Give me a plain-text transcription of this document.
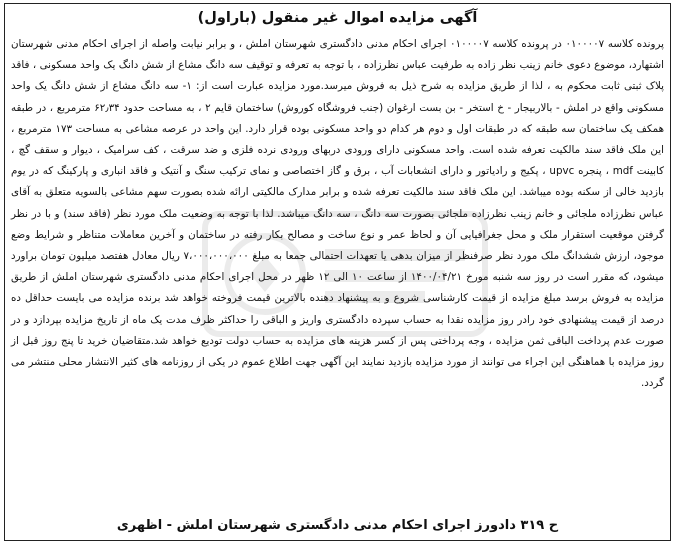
آگهی مزایده اموال غیر منقول (باراول)
پرونده کلاسه ۰۱۰۰۰۰۷ در پرونده کلاسه ۰۱۰۰۰۰۷ اجرای احکام مدنی دادگستری شهرستان املش ، و برابر نیابت واصله از اجرای احکام مدنی شهرستان اشتهارد، موضوع دعوی خانم زینب نظر زاده به طرفیت عباس نظرزاده ، با توجه به تعرفه و توقیف سه دانگ مشاع از شش دانگ یک واحد مسکونی ، فاقد پلاک ثبتی ثابت محکوم به ، لذا از طریق مزایده به شرح ذیل به فروش میرسد.مورد مزایده عبارت است از: ۱- سه دانگ مشاع از شش دانگ یک واحد مسکونی واقع در املش - بالاربیجار - خ استخر - بن بست ارغوان (جنب فروشگاه کوروش) ساختمان قایم ۲ ، به مساحت حدود ۶۲٫۳۴ مترمربع ، در طبقه همکف یک ساختمان سه طبقه که در طبقات اول و دوم هر کدام دو واحد مسکونی بوده قرار دارد. این واحد در عرصه مشاعی به مساحت ۱۷۳ مترمربع ، این ملک فاقد سند مالکیت تعرفه شده است. واحد مسکونی دارای ورودی دربهای ورودی نرده فلزی و ضد سرقت ، کف سرامیک ، دیوار و سقف گچ ، کابینت mdf ، پنجره upvc ، پکیج و رادیاتور و دارای انشعابات آب ، برق و گاز اختصاصی و نمای ترکیب سنگ و آنتیک و فاقد انباری و پارکینگ که در یوم بازدید خالی از سکنه بوده میباشد. این ملک فاقد سند مالکیت تعرفه شده و برابر مدارک مالکیتی ارائه شده بصورت سهم مشاعی بالسویه متعلق به آقای عباس نظرزاده ملجائی و خانم زینب نظرزاده ملجائی بصورت سه دانگ ، سه دانگ میباشد. لذا با توجه به وضعیت ملک مورد نظر (فاقد سند) و با در نظر گرفتن موقعیت استقرار ملک و محل جغرافیایی آن و لحاظ عمر و نوع ساخت و مصالح بکار رفته در ساختمان و آخرین معاملات متناظر و شرایط وضع موجود، ارزش ششدانگ ملک مورد نظر صرفنظر از میزان بدهی یا تعهدات احتمالی جمعا به مبلغ ۷،۰۰۰،۰۰۰،۰۰۰ ریال معادل هفتصد میلیون تومان براورد میشود، که مقرر است در روز سه شنبه مورخ ۱۴۰۰/۰۴/۲۱ از ساعت ۱۰ الی ۱۲ ظهر در محل اجرای احکام مدنی دادگستری شهرستان املش از طریق مزایده به فروش برسد مبلغ مزایده از قیمت کارشناسی شروع و به پیشنهاد دهنده بالاترین قیمت فروخته خواهد شد برنده مزایده می بایست حداقل ده درصد از قیمت پیشنهادی خود رادر روز مزایده نقدا به حساب سپرده دادگستری واریز و الباقی را حداکثر ظرف مدت یک ماه از تاریخ مزایده بپردازد و در صورت عدم پرداخت الباقی ثمن مزایده ، وجه پرداختی پس از کسر هزینه های مزایده به حساب دولت تودیع خواهد شد.متقاضیان خرید تا پنج روز قبل از روز مزایده با هماهنگی این اجراء می توانند از مورد مزایده بازدید نمایند این آگهی جهت اطلاع عموم در یکی از روزنامه های کثیر الانتشار محلی منتشر می گردد.
ح ۳۱۹ دادورز اجرای احکام مدنی دادگستری شهرستان املش - اظهری
